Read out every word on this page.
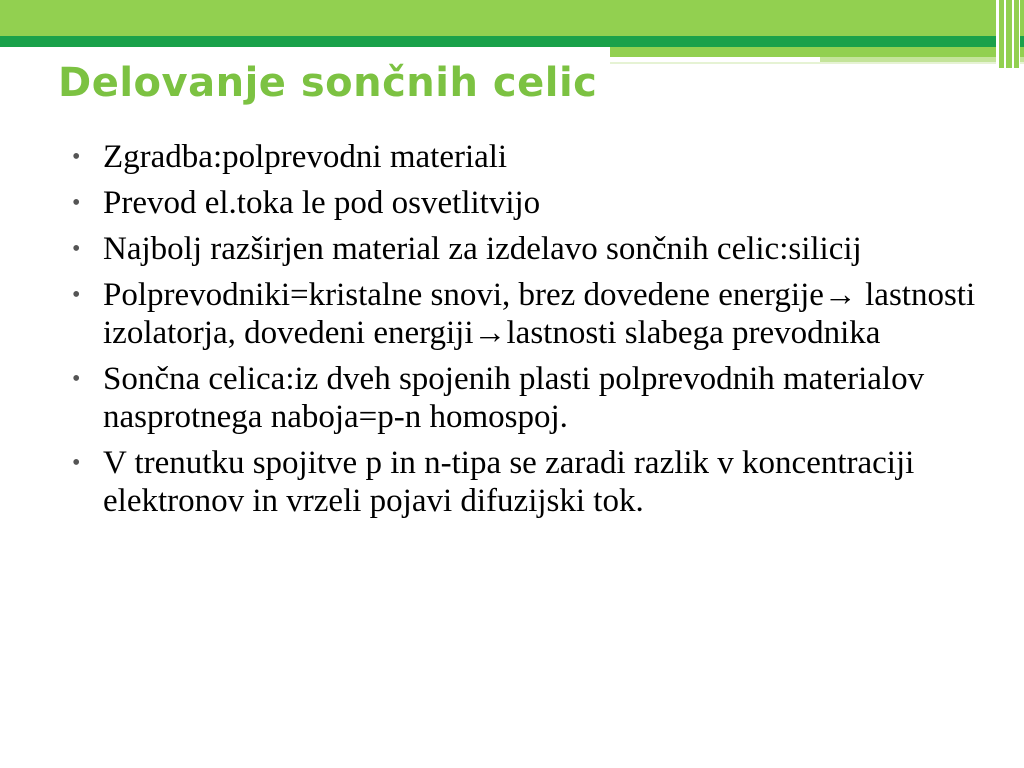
Delovanje sončnih celic
• Zgradba:polprevodni materiali
• Prevod el.toka le pod osvetlitvijo
• Najbolj razširjen material za izdelavo sončnih celic:silicij
• Polprevodniki=kristalne snovi, brez dovedene energije→ lastnosti izolatorja, dovedeni energiji→lastnosti slabega prevodnika
• Sončna celica:iz dveh spojenih plasti polprevodnih materialov nasprotnega naboja=p-n homospoj.
• V trenutku spojitve p in n-tipa se zaradi razlik v koncentraciji elektronov in vrzeli pojavi difuzijski tok.
